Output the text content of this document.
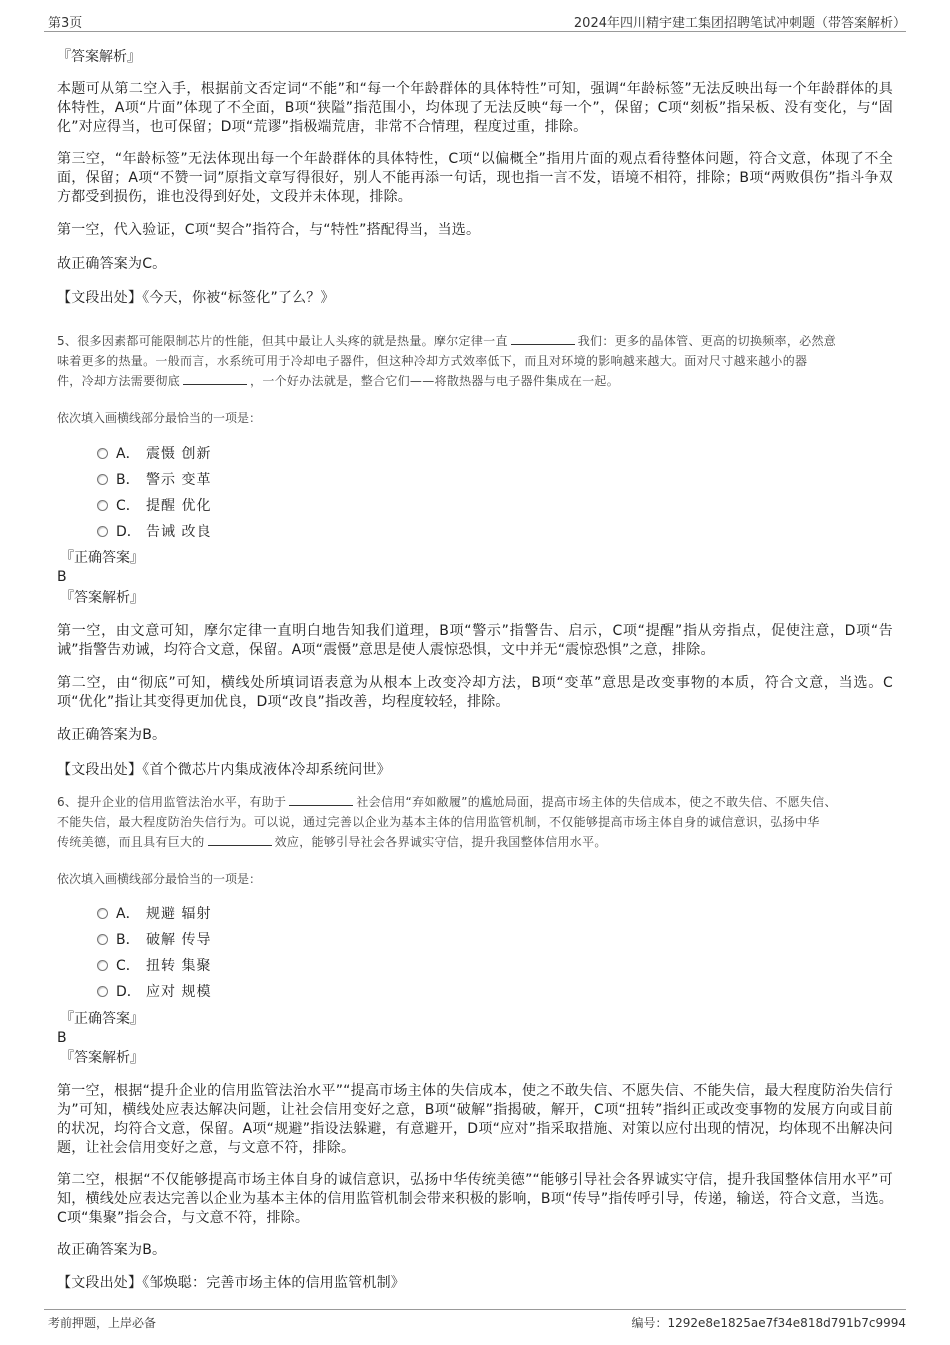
第3页	2024年四川精宇建工集团招聘笔试冲刺题（带答案解析）
『答案解析』
本题可从第二空入手，根据前文否定词“不能”和“每一个年龄群体的具体特性”可知，强调“年龄标签”无法反映出每一个年龄群体的具体特性，A项“片面”体现了不全面，B项“狭隘”指范围小，均体现了无法反映“每一个”，保留；C项“刻板”指呆板、没有变化，与“固化”对应得当，也可保留；D项“荒谬”指极端荒唐，非常不合情理，程度过重，排除。
第三空，“年龄标签”无法体现出每一个年龄群体的具体特性，C项“以偏概全”指用片面的观点看待整体问题，符合文意，体现了不全面，保留；A项“不赞一词”原指文章写得很好，别人不能再添一句话，现也指一言不发，语境不相符，排除；B项“两败俱伤”指斗争双方都受到损伤，谁也没得到好处，文段并未体现，排除。
第一空，代入验证，C项“契合”指符合，与“特性”搭配得当，当选。
故正确答案为C。
【文段出处】《今天，你被“标签化”了么？》
5、很多因素都可能限制芯片的性能，但其中最让人头疼的就是热量。摩尔定律一直	我们：更多的晶体管、更高的切换频率，必然意
味着更多的热量。一般而言，水系统可用于冷却电子器件，但这种冷却方式效率低下，而且对环境的影响越来越大。面对尺寸越来越小的器
件，冷却方法需要彻底	，一个好办法就是，整合它们——将散热器与电子器件集成在一起。
依次填入画横线部分最恰当的一项是：
A． 震慑 创新
B． 警示 变革
C． 提醒 优化
D． 告诫 改良
『正确答案』
B
『答案解析』
第一空，由文意可知，摩尔定律一直明白地告知我们道理，B项“警示”指警告、启示，C项“提醒”指从旁指点，促使注意，D项“告诫”指警告劝诫，均符合文意，保留。A项“震慑”意思是使人震惊恐惧，文中并无“震惊恐惧”之意，排除。
第二空，由“彻底”可知，横线处所填词语表意为从根本上改变冷却方法，B项“变革”意思是改变事物的本质，符合文意，当选。C项“优化”指让其变得更加优良，D项“改良”指改善，均程度较轻，排除。
故正确答案为B。
【文段出处】《首个微芯片内集成液体冷却系统问世》
6、提升企业的信用监管法治水平，有助于	社会信用“弃如敝履”的尴尬局面，提高市场主体的失信成本，使之不敢失信、不愿失信、
不能失信，最大程度防治失信行为。可以说，通过完善以企业为基本主体的信用监管机制，不仅能够提高市场主体自身的诚信意识，弘扬中华
传统美德，而且具有巨大的	效应，能够引导社会各界诚实守信，提升我国整体信用水平。
依次填入画横线部分最恰当的一项是：
A． 规避 辐射
B． 破解 传导
C． 扭转 集聚
D． 应对 规模
『正确答案』
B
『答案解析』
第一空，根据“提升企业的信用监管法治水平”“提高市场主体的失信成本，使之不敢失信、不愿失信、不能失信，最大程度防治失信行为”可知，横线处应表达解决问题，让社会信用变好之意，B项“破解”指揭破，解开，C项“扭转”指纠正或改变事物的发展方向或目前的状况，均符合文意，保留。A项“规避”指设法躲避，有意避开，D项“应对”指采取措施、对策以应付出现的情况，均体现不出解决问题，让社会信用变好之意，与文意不符，排除。
第二空，根据“不仅能够提高市场主体自身的诚信意识，弘扬中华传统美德”“能够引导社会各界诚实守信，提升我国整体信用水平”可知，横线处应表达完善以企业为基本主体的信用监管机制会带来积极的影响，B项“传导”指传呼引导，传递，输送，符合文意，当选。C项“集聚”指会合，与文意不符，排除。
故正确答案为B。
【文段出处】《邹焕聪：完善市场主体的信用监管机制》
考前押题，上岸必备	编号：1292e8e1825ae7f34e818d791b7c9994
